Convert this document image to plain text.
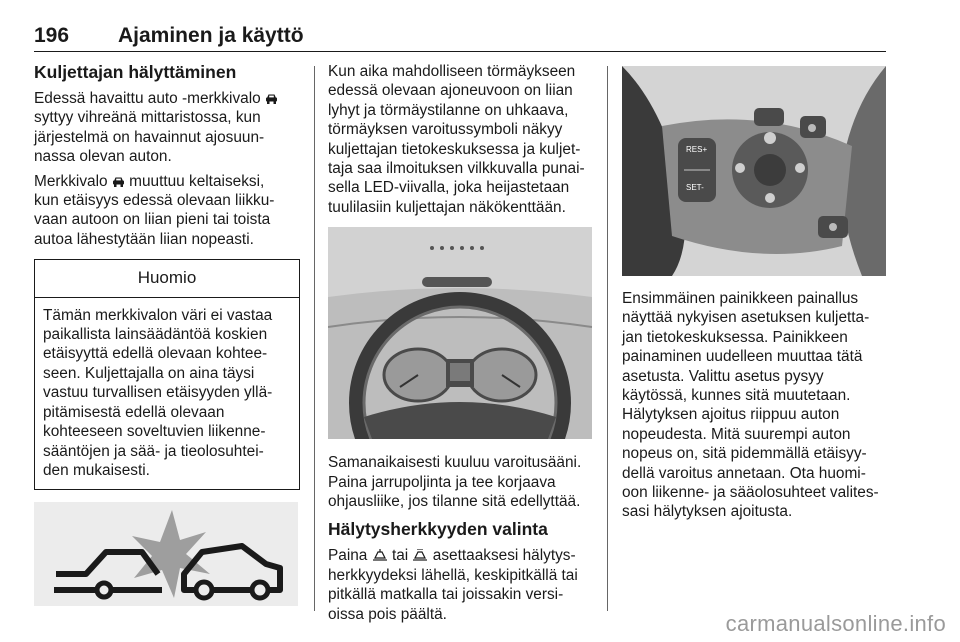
196 Ajaminen ja käyttö
Kuljettajan hälyttäminen

Edessä havaittu auto -merkkivalo
syttyy vihreänä mittaristossa, kun
järjestelmä on havainnut ajosuun-
nassa olevan auton.

Merkkivalo muuttuu keltaiseksi,
kun etäisyys edessä olevaan liikku-
vaan autoon on liian pieni tai toista
autoa lähestytään liian nopeasti.

Huomio
Tämän merkkivalon väri ei vastaa
paikallista lainsäädäntöä koskien
etäisyyttä edellä olevaan kohtee-
seen. Kuljettajalla on aina täysi
vastuu turvallisen etäisyyden yllä-
pitämisestä edellä olevaan
kohteeseen soveltuvien liikenne-
sääntöjen ja sää- ja tieolosuhtei-
den mukaisesti.

Kun aika mahdolliseen törmäykseen
edessä olevaan ajoneuvoon on liian
lyhyt ja törmäystilanne on uhkaava,
törmäyksen varoitussymboli näkyy
kuljettajan tietokeskuksessa ja kuljet-
taja saa ilmoituksen vilkkuvalla punai-
sella LED-viivalla, joka heijastetaan
tuulilasiin kuljettajan näkökenttään.

Samanaikaisesti kuuluu varoitusääni.
Paina jarrupoljinta ja tee korjaava
ohjausliike, jos tilanne sitä edellyttää.

Hälytysherkkyyden valinta

Paina tai asettaaksesi hälytys-
herkkyydeksi lähellä, keskipitkällä tai
pitkällä matkalla tai joissakin versi-
oissa pois päältä.

RES+
SET-

Ensimmäinen painikkeen painallus
näyttää nykyisen asetuksen kuljetta-
jan tietokeskuksessa. Painikkeen
painaminen uudelleen muuttaa tätä
asetusta. Valittu asetus pysyy
käytössä, kunnes sitä muutetaan.
Hälytyksen ajoitus riippuu auton
nopeudesta. Mitä suurempi auton
nopeus on, sitä pidemmällä etäisyy-
dellä varoitus annetaan. Ota huomi-
oon liikenne- ja sääolosuhteet valites-
sasi hälytyksen ajoitusta.

carmanualsonline.info
